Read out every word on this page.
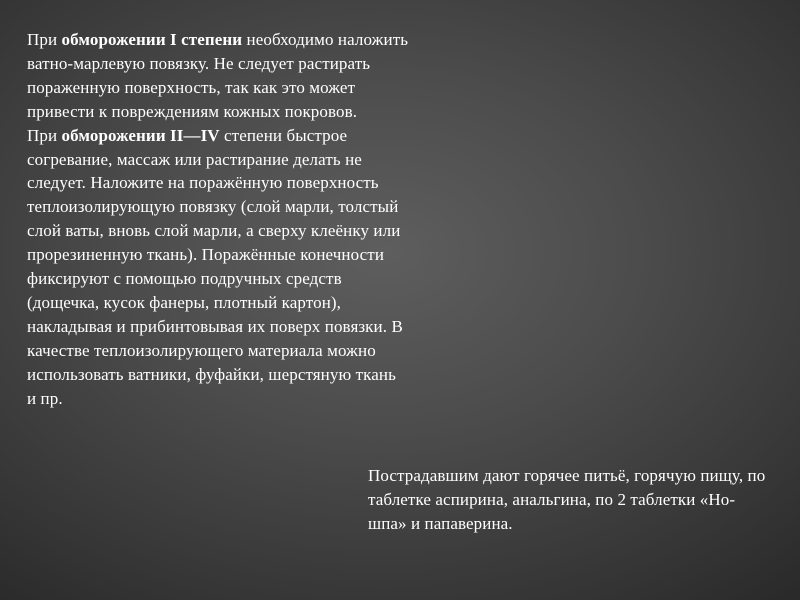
При обморожении I степени необходимо наложить ватно-марлевую повязку. Не следует растирать пораженную поверхность, так как это может привести к повреждениям кожных покровов.

При обморожении II—IV степени быстрое согревание, массаж или растирание делать не следует. Наложите на поражённую поверхность теплоизолирующую повязку (слой марли, толстый слой ваты, вновь слой марли, а сверху клеёнку или прорезиненную ткань). Поражённые конечности фиксируют с помощью подручных средств (дощечка, кусок фанеры, плотный картон), накладывая и прибинтовывая их поверх повязки. В качестве теплоизолирующего материала можно использовать ватники, фуфайки, шерстяную ткань и пр.

Пострадавшим дают горячее питьё, горячую пищу, по таблетке аспирина, анальгина, по 2 таблетки «Но-шпа» и папаверина.
